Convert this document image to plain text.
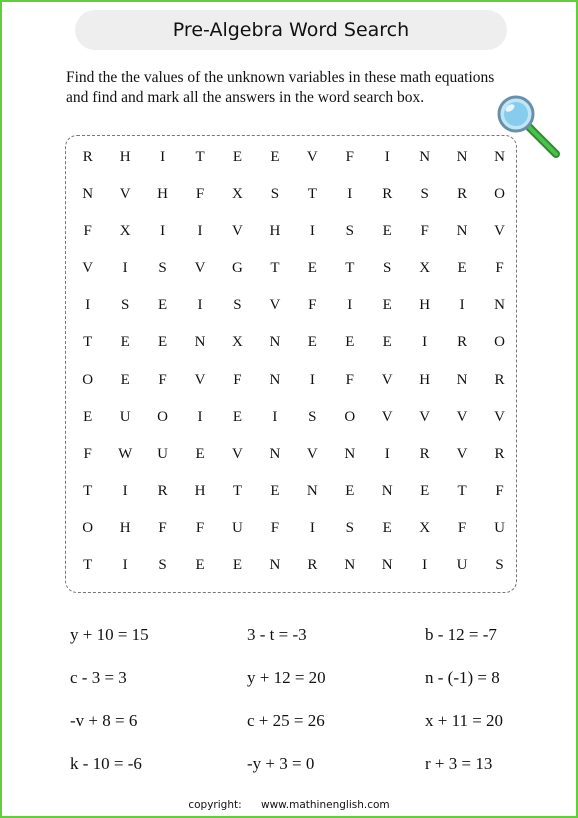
Pre-Algebra Word Search
Find the the values of the unknown variables in these math equations
and find and mark all the answers in the word search box.
R	H	I	T	E	E	V	F	I	N	N	N
N	V	H	F	X	S	T	I	R	S	R	O
F	X	I	I	V	H	I	S	E	F	N	V
V	I	S	V	G	T	E	T	S	X	E	F
I	S	E	I	S	V	F	I	E	H	I	N
T	E	E	N	X	N	E	E	E	I	R	O
O	E	F	V	F	N	I	F	V	H	N	R
E	U	O	I	E	I	S	O	V	V	V	V
F	W	U	E	V	N	V	N	I	R	V	R
T	I	R	H	T	E	N	E	N	E	T	F
O	H	F	F	U	F	I	S	E	X	F	U
T	I	S	E	E	N	R	N	N	I	U	S
y + 10 = 15	3 - t = -3	b - 12 = -7
c - 3 = 3	y + 12 = 20	n - (-1) = 8
-v + 8 = 6	c + 25 = 26	x + 11 = 20
k - 10 = -6	-y + 3 = 0	r + 3 = 13
copyright: www.mathinenglish.com
